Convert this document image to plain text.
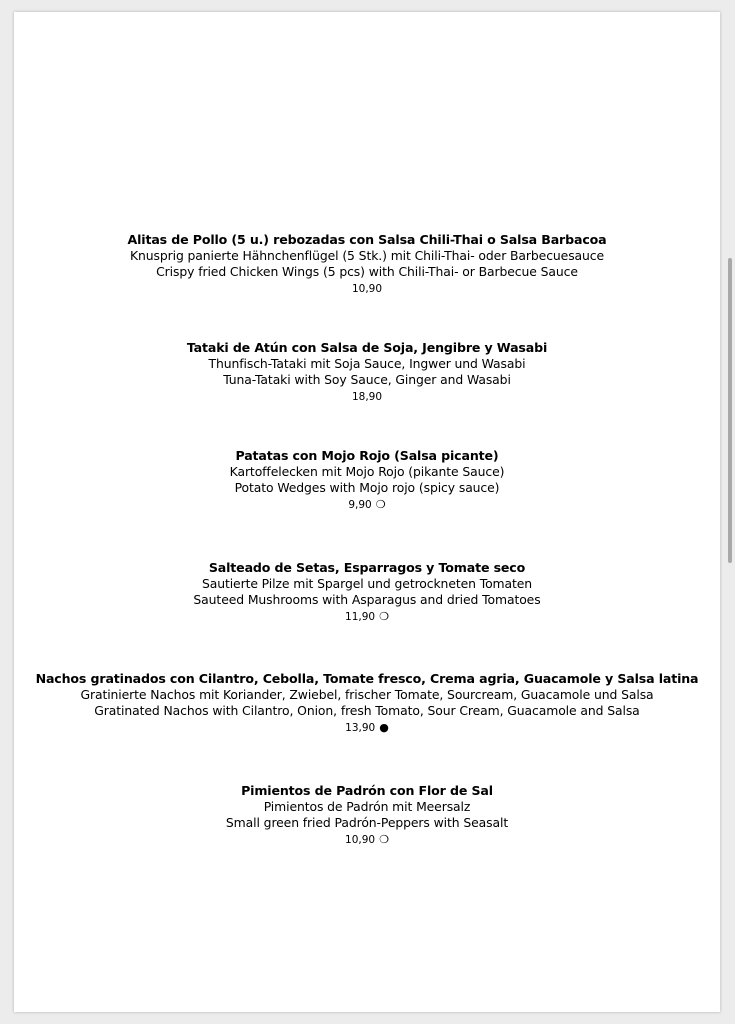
Alitas de Pollo (5 u.) rebozadas con Salsa Chili-Thai o Salsa Barbacoa
Knusprig panierte Hähnchenflügel (5 Stk.) mit Chili-Thai- oder Barbecuesauce
Crispy fried Chicken Wings (5 pcs) with Chili-Thai- or Barbecue Sauce
10,90
Tataki de Atún con Salsa de Soja, Jengibre y Wasabi
Thunfisch-Tataki mit Soja Sauce, Ingwer und Wasabi
Tuna-Tataki with Soy Sauce, Ginger and Wasabi
18,90
Patatas con Mojo Rojo (Salsa picante)
Kartoffelecken mit Mojo Rojo (pikante Sauce)
Potato Wedges with Mojo rojo (spicy sauce)
9,90 ❍
Salteado de Setas, Esparragos y Tomate seco
Sautierte Pilze mit Spargel und getrockneten Tomaten
Sauteed Mushrooms with Asparagus and dried Tomatoes
11,90 ❍
Nachos gratinados con Cilantro, Cebolla, Tomate fresco, Crema agria, Guacamole y Salsa latina
Gratinierte Nachos mit Koriander, Zwiebel, frischer Tomate, Sourcream, Guacamole und Salsa
Gratinated Nachos with Cilantro, Onion, fresh Tomato, Sour Cream, Guacamole and Salsa
13,90 ●
Pimientos de Padrón con Flor de Sal
Pimientos de Padrón mit Meersalz
Small green fried Padrón-Peppers with Seasalt
10,90 ❍
